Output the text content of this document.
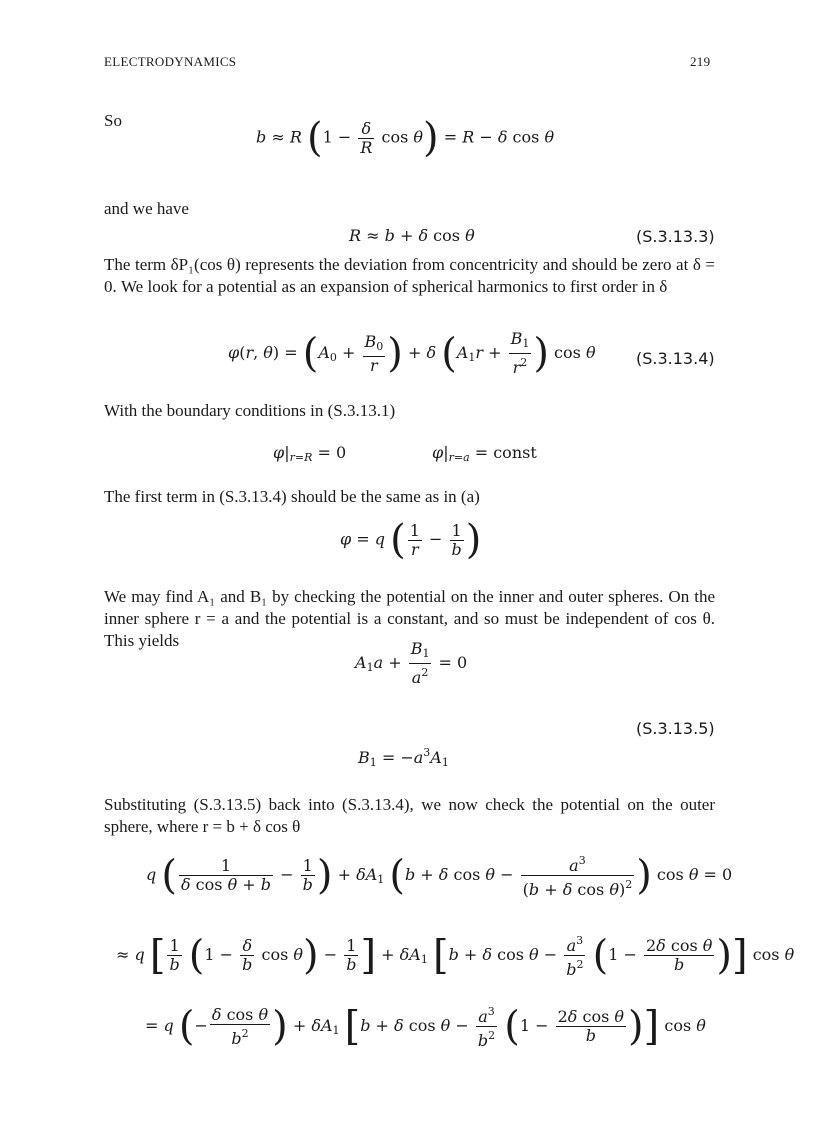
ELECTRODYNAMICS	219
So
b ≈ R ($1 - \frac{\delta}{R}$ cos θ) = R − δ cos θ
and we have
R ≈ b + δ cos θ	(S.3.13.3)
The term δP₁(cos θ) represents the deviation from concentricity and should be zero at δ = 0. We look for a potential as an expansion of spherical harmonics to first order in δ
φ(r, $\theta) = (A_0 + \frac{B_0}{r}$ ) + δ ($A_1r + \frac{B_1}{r^2}$ ) cos θ	(S.3.13.4)
With the boundary conditions in (S.3.13.1)
$\varphi|_{r=R} = 0$	$\varphi|_{r=a}$ = const
The first term in (S.3.13.4) should be the same as in (a)
φ = q ( $\frac{1}{r} - \frac{1}{b}$ )
We may find A₁ and B₁ by checking the potential on the inner and outer spheres. On the inner sphere r = a and the potential is a constant, and so must be independent of cos θ. This yields
$A_1a + \frac{B_1}{a^2} = 0$
(S.3.13.5)
$B_1 = -a^3A_1$
Substituting (S.3.13.5) back into (S.3.13.4), we now check the potential on the outer sphere, where r = b + δ cos θ
q ( $\frac{1}{\text{δ cos θ + b}} - \frac{1}{b}$ ) + $\delta A_1$ (b + δ $\cos \theta - \frac{a^3}{(b + \delta \cos \theta)^2}$ ) cos θ = 0
≈ q [ $\frac{1}{b} (1 - \frac{\delta}{b}$ $\cos \theta) - \frac{1}{b}$ ] + $\delta A_1$ [b + δ $\cos \theta - \frac{a^3}{b^2} (1 - \frac{\text{2δ cos θ}}{b}$ )] cos θ
= q (− $\frac{\text{δ cos θ}}{b^2}$ ) + $\delta A_1$ [b + δ $\cos \theta - \frac{a^3}{b^2} (1 - \frac{\text{2δ cos θ}}{b}$ )] cos θ
